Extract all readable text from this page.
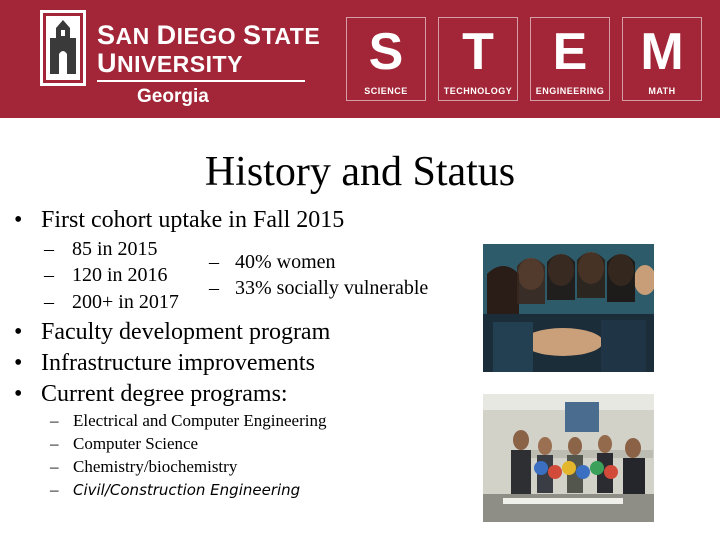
SAN DIEGO STATE
UNIVERSITY
Georgia
S
SCIENCE
T
TECHNOLOGY
E
ENGINEERING
M
MATH
History and Status
• First cohort uptake in Fall 2015
– 85 in 2015
– 120 in 2016
– 200+ in 2017
– 40% women
– 33% socially vulnerable
• Faculty development program
• Infrastructure improvements
• Current degree programs:
– Electrical and Computer Engineering
– Computer Science
– Chemistry/biochemistry
– Civil/Construction Engineering
